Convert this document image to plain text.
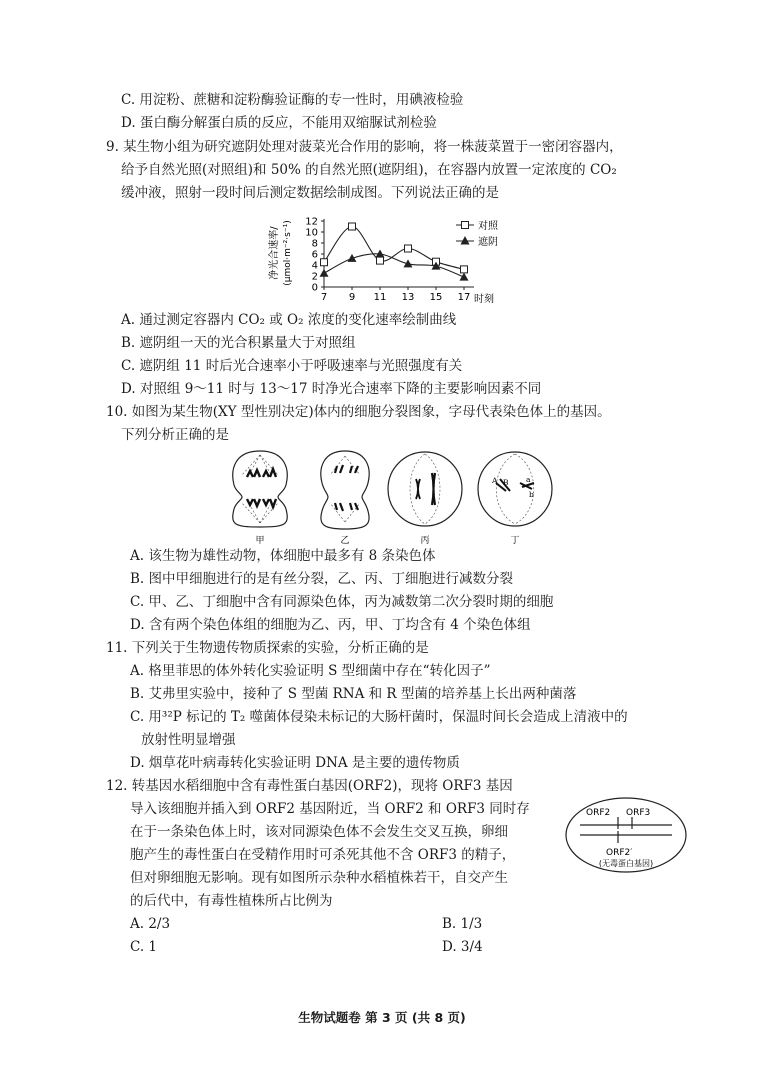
C. 用淀粉、蔗糖和淀粉酶验证酶的专一性时，用碘液检验
D. 蛋白酶分解蛋白质的反应，不能用双缩脲试剂检验
9. 某生物小组为研究遮阴处理对菠菜光合作用的影响，将一株菠菜置于一密闭容器内，
给予自然光照(对照组)和 50% 的自然光照(遮阴组)，在容器内放置一定浓度的 CO₂
缓冲液，照射一段时间后测定数据绘制成图。下列说法正确的是
净光合速率/ (μmol·m⁻²·s⁻¹)
0
2
4
6
8
10
12
7 9 11 13 15 17 时刻
对照
遮阴
A. 通过测定容器内 CO₂ 或 O₂ 浓度的变化速率绘制曲线
B. 遮阴组一天的光合积累量大于对照组
C. 遮阴组 11 时后光合速率小于呼吸速率与光照强度有关
D. 对照组 9～11 时与 13～17 时净光合速率下降的主要影响因素不同
10. 如图为某生物(XY 型性别决定)体内的细胞分裂图象，字母代表染色体上的基因。
下列分析正确的是
甲	乙	丙
A B a
b
丁
A. 该生物为雄性动物，体细胞中最多有 8 条染色体
B. 图中甲细胞进行的是有丝分裂，乙、丙、丁细胞进行减数分裂
C. 甲、乙、丁细胞中含有同源染色体，丙为减数第二次分裂时期的细胞
D. 含有两个染色体组的细胞为乙、丙，甲、丁均含有 4 个染色体组
11. 下列关于生物遗传物质探索的实验，分析正确的是
A. 格里菲思的体外转化实验证明 S 型细菌中存在“转化因子”
B. 艾弗里实验中，接种了 S 型菌 RNA 和 R 型菌的培养基上长出两种菌落
C. 用³²P 标记的 T₂ 噬菌体侵染未标记的大肠杆菌时，保温时间长会造成上清液中的
放射性明显增强
D. 烟草花叶病毒转化实验证明 DNA 是主要的遗传物质
12. 转基因水稻细胞中含有毒性蛋白基因(ORF2)，现将 ORF3 基因
导入该细胞并插入到 ORF2 基因附近，当 ORF2 和 ORF3 同时存
在于一条染色体上时，该对同源染色体不会发生交叉互换，卵细
胞产生的毒性蛋白在受精作用时可杀死其他不含 ORF3 的精子，
但对卵细胞无影响。现有如图所示杂种水稻植株若干，自交产生
的后代中，有毒性植株所占比例为
ORF2 ORF3
ORF2′
(无毒蛋白基因)
A. 2/3	B. 1/3
C. 1	D. 3/4
生物试题卷 第 3 页 (共 8 页)
